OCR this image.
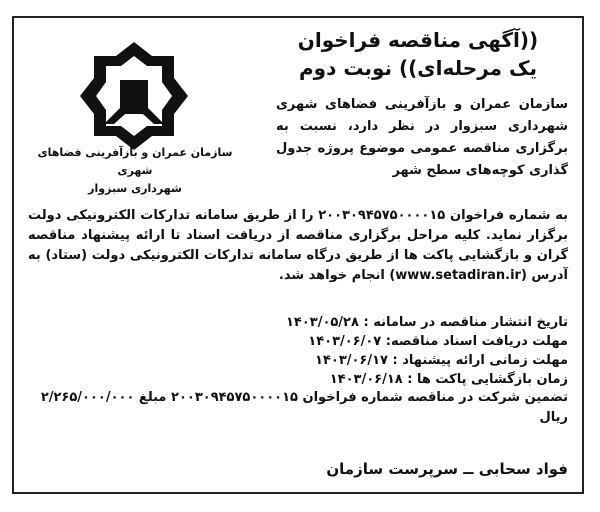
((آگهی مناقصه فراخوان
یک مرحله‌ای)) نوبت دوم
سازمان عمران و بازآفرینی فضاهای شهری شهرداری سبزوار در نظر دارد، نسبت به برگزاری مناقصه عمومی موضوع پروژه جدول گذاری کوچه‌های سطح شهر
سازمان عمران و بازآفرینی فضاهای شهری
شهرداری سبزوار
به شماره فراخوان ۲۰۰۳۰۹۴۵۷۵۰۰۰۰۱۵ را از طریق سامانه تدارکات الکترونیکی دولت برگزار نماید. کلیه مراحل برگزاری مناقصه از دریافت اسناد تا ارائه پیشنهاد مناقصه گران و بازگشایی پاکت ها از طریق درگاه سامانه تدارکات الکترونیکی دولت (ستاد) به آدرس (www.setadiran.ir) انجام خواهد شد.
تاریخ انتشار مناقصه در سامانه : ۱۴۰۳/۰۵/۲۸
مهلت دریافت اسناد مناقصه: ۱۴۰۳/۰۶/۰۷
مهلت زمانی ارائه پیشنهاد : ۱۴۰۳/۰۶/۱۷
زمان بازگشایی پاکت ها : ۱۴۰۳/۰۶/۱۸
تضمین شرکت در مناقصه شماره فراخوان ۲۰۰۳۰۹۴۵۷۵۰۰۰۰۱۵ مبلغ ۲/۲۶۵/۰۰۰/۰۰۰ ریال
فواد سحابی ــ سرپرست سازمان
